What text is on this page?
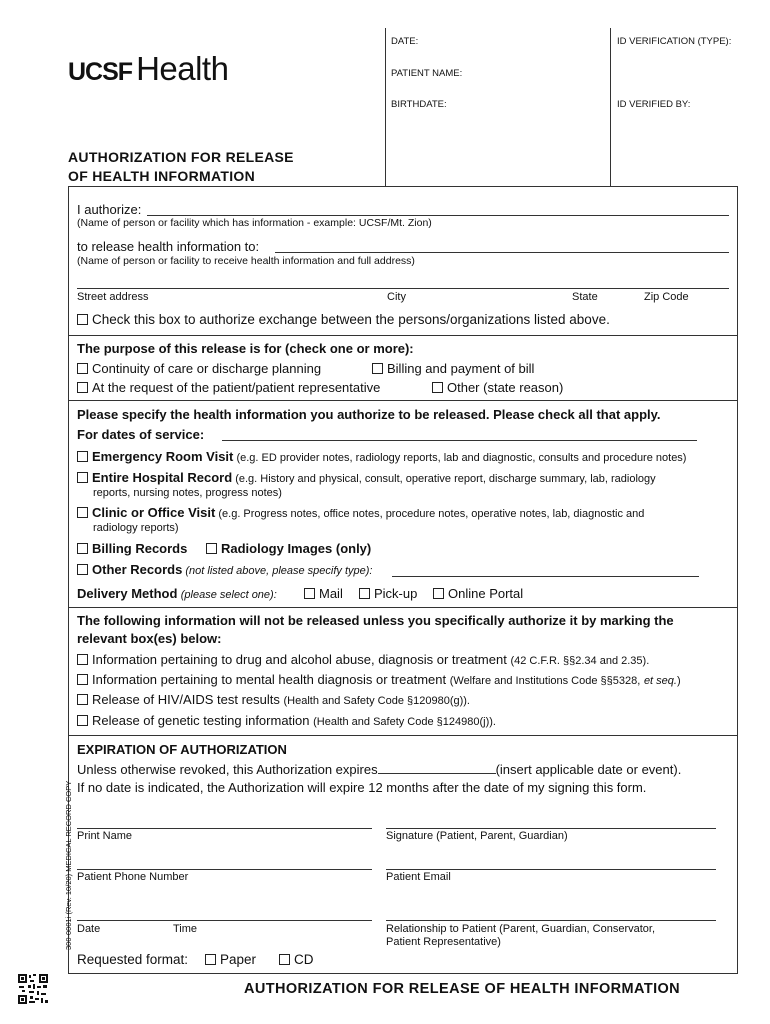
UCSF Health
DATE:	ID VERIFICATION (TYPE):
PATIENT NAME:
BIRTHDATE:	ID VERIFIED BY:
AUTHORIZATION FOR RELEASE
OF HEALTH INFORMATION
I authorize:
(Name of person or facility which has information - example: UCSF/Mt. Zion)
to release health information to:
(Name of person or facility to receive health information and full address)
Street address	City	State	Zip Code
Check this box to authorize exchange between the persons/organizations listed above.
The purpose of this release is for (check one or more):
Continuity of care or discharge planning	Billing and payment of bill
At the request of the patient/patient representative	Other (state reason)
Please specify the health information you authorize to be released. Please check all that apply.
For dates of service:
Emergency Room Visit (e.g. ED provider notes, radiology reports, lab and diagnostic, consults and procedure notes)
Entire Hospital Record (e.g. History and physical, consult, operative report, discharge summary, lab, radiology
reports, nursing notes, progress notes)
Clinic or Office Visit (e.g. Progress notes, office notes, procedure notes, operative notes, lab, diagnostic and
radiology reports)
Billing Records	Radiology Images (only)
Other Records (not listed above, please specify type):
Delivery Method (please select one):	Mail	Pick-up	Online Portal
The following information will not be released unless you specifically authorize it by marking the
relevant box(es) below:
Information pertaining to drug and alcohol abuse, diagnosis or treatment (42 C.F.R. §§2.34 and 2.35).
Information pertaining to mental health diagnosis or treatment (Welfare and Institutions Code §§5328, et seq.)
Release of HIV/AIDS test results (Health and Safety Code §120980(g)).
Release of genetic testing information (Health and Safety Code §124980(j)).
EXPIRATION OF AUTHORIZATION
Unless otherwise revoked, this Authorization expires	(insert applicable date or event).
If no date is indicated, the Authorization will expire 12 months after the date of my signing this form.
Print Name	Signature (Patient, Parent, Guardian)
Patient Phone Number	Patient Email
Date	Time	Relationship to Patient (Parent, Guardian, Conservator,
Patient Representative)
Requested format:	Paper	CD
300-0001i (Rev. 10/20) MEDICAL RECORD COPY
AUTHORIZATION FOR RELEASE OF HEALTH INFORMATION
